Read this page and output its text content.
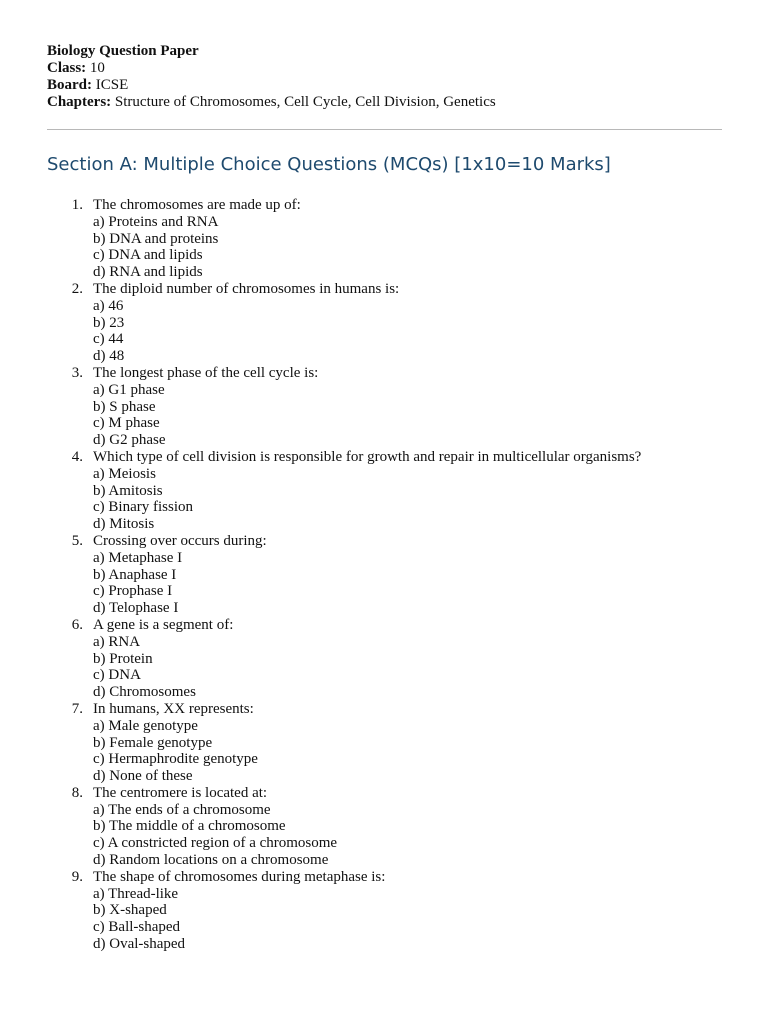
Biology Question Paper
Class: 10
Board: ICSE
Chapters: Structure of Chromosomes, Cell Cycle, Cell Division, Genetics
Section A: Multiple Choice Questions (MCQs) [1x10=10 Marks]
1. The chromosomes are made up of:
a) Proteins and RNA
b) DNA and proteins
c) DNA and lipids
d) RNA and lipids
2. The diploid number of chromosomes in humans is:
a) 46
b) 23
c) 44
d) 48
3. The longest phase of the cell cycle is:
a) G1 phase
b) S phase
c) M phase
d) G2 phase
4. Which type of cell division is responsible for growth and repair in multicellular organisms?
a) Meiosis
b) Amitosis
c) Binary fission
d) Mitosis
5. Crossing over occurs during:
a) Metaphase I
b) Anaphase I
c) Prophase I
d) Telophase I
6. A gene is a segment of:
a) RNA
b) Protein
c) DNA
d) Chromosomes
7. In humans, XX represents:
a) Male genotype
b) Female genotype
c) Hermaphrodite genotype
d) None of these
8. The centromere is located at:
a) The ends of a chromosome
b) The middle of a chromosome
c) A constricted region of a chromosome
d) Random locations on a chromosome
9. The shape of chromosomes during metaphase is:
a) Thread-like
b) X-shaped
c) Ball-shaped
d) Oval-shaped
